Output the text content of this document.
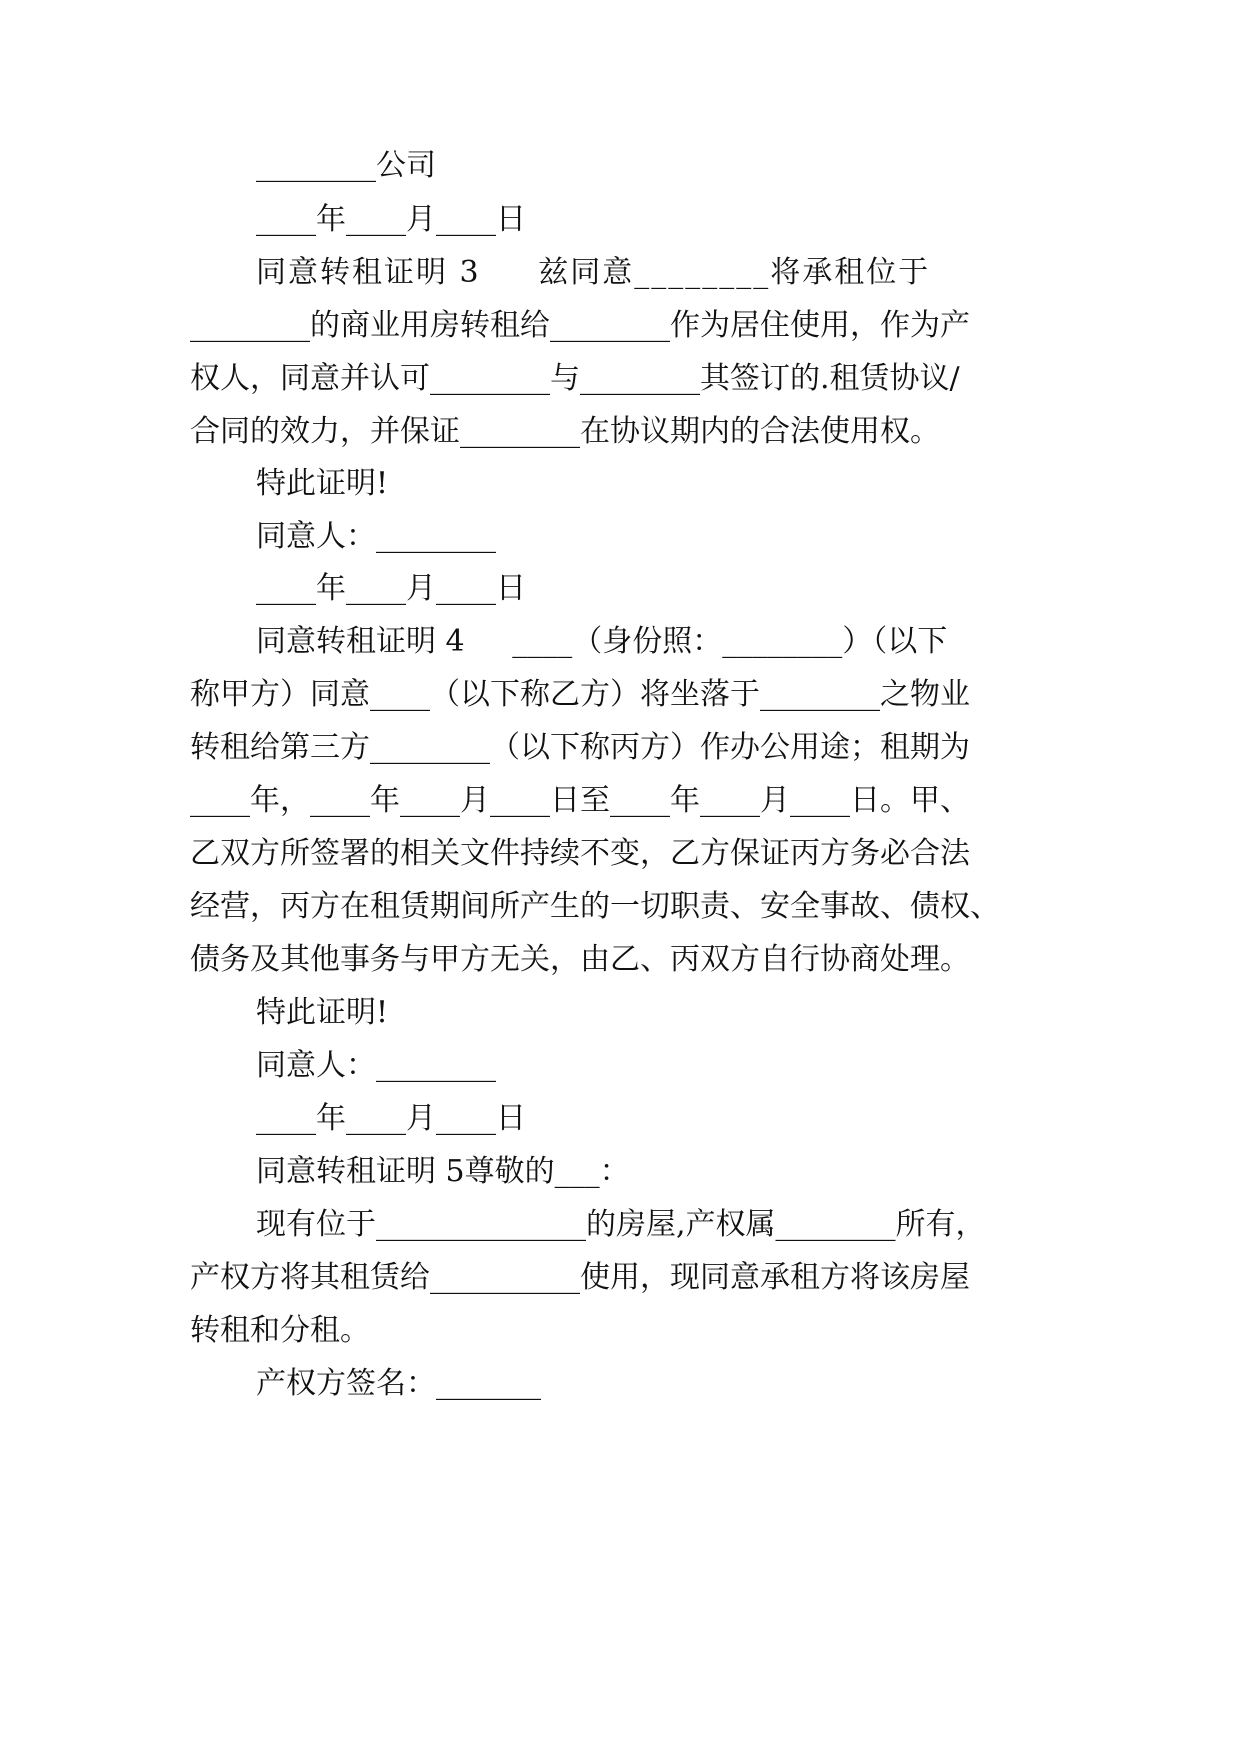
________公司
____年____月____日
同意转租证明 3     兹同意________将承租位于
________的商业用房转租给________作为居住使用，作为产
权人，同意并认可________与________其签订的.租赁协议/
合同的效力，并保证________在协议期内的合法使用权。
特此证明!
同意人：________
____年____月____日
同意转租证明 4     ____（身份照：________）（以下
称甲方）同意____（以下称乙方）将坐落于________之物业
转租给第三方________（以下称丙方）作办公用途；租期为
____年，____年____月____日至____年____月____日。甲、
乙双方所签署的相关文件持续不变，乙方保证丙方务必合法
经营，丙方在租赁期间所产生的一切职责、安全事故、债权、
债务及其他事务与甲方无关，由乙、丙双方自行协商处理。
特此证明!
同意人：________
____年____月____日
同意转租证明 5尊敬的___：
现有位于______________的房屋,产权属________所有，
产权方将其租赁给__________使用，现同意承租方将该房屋
转租和分租。
产权方签名：_______
